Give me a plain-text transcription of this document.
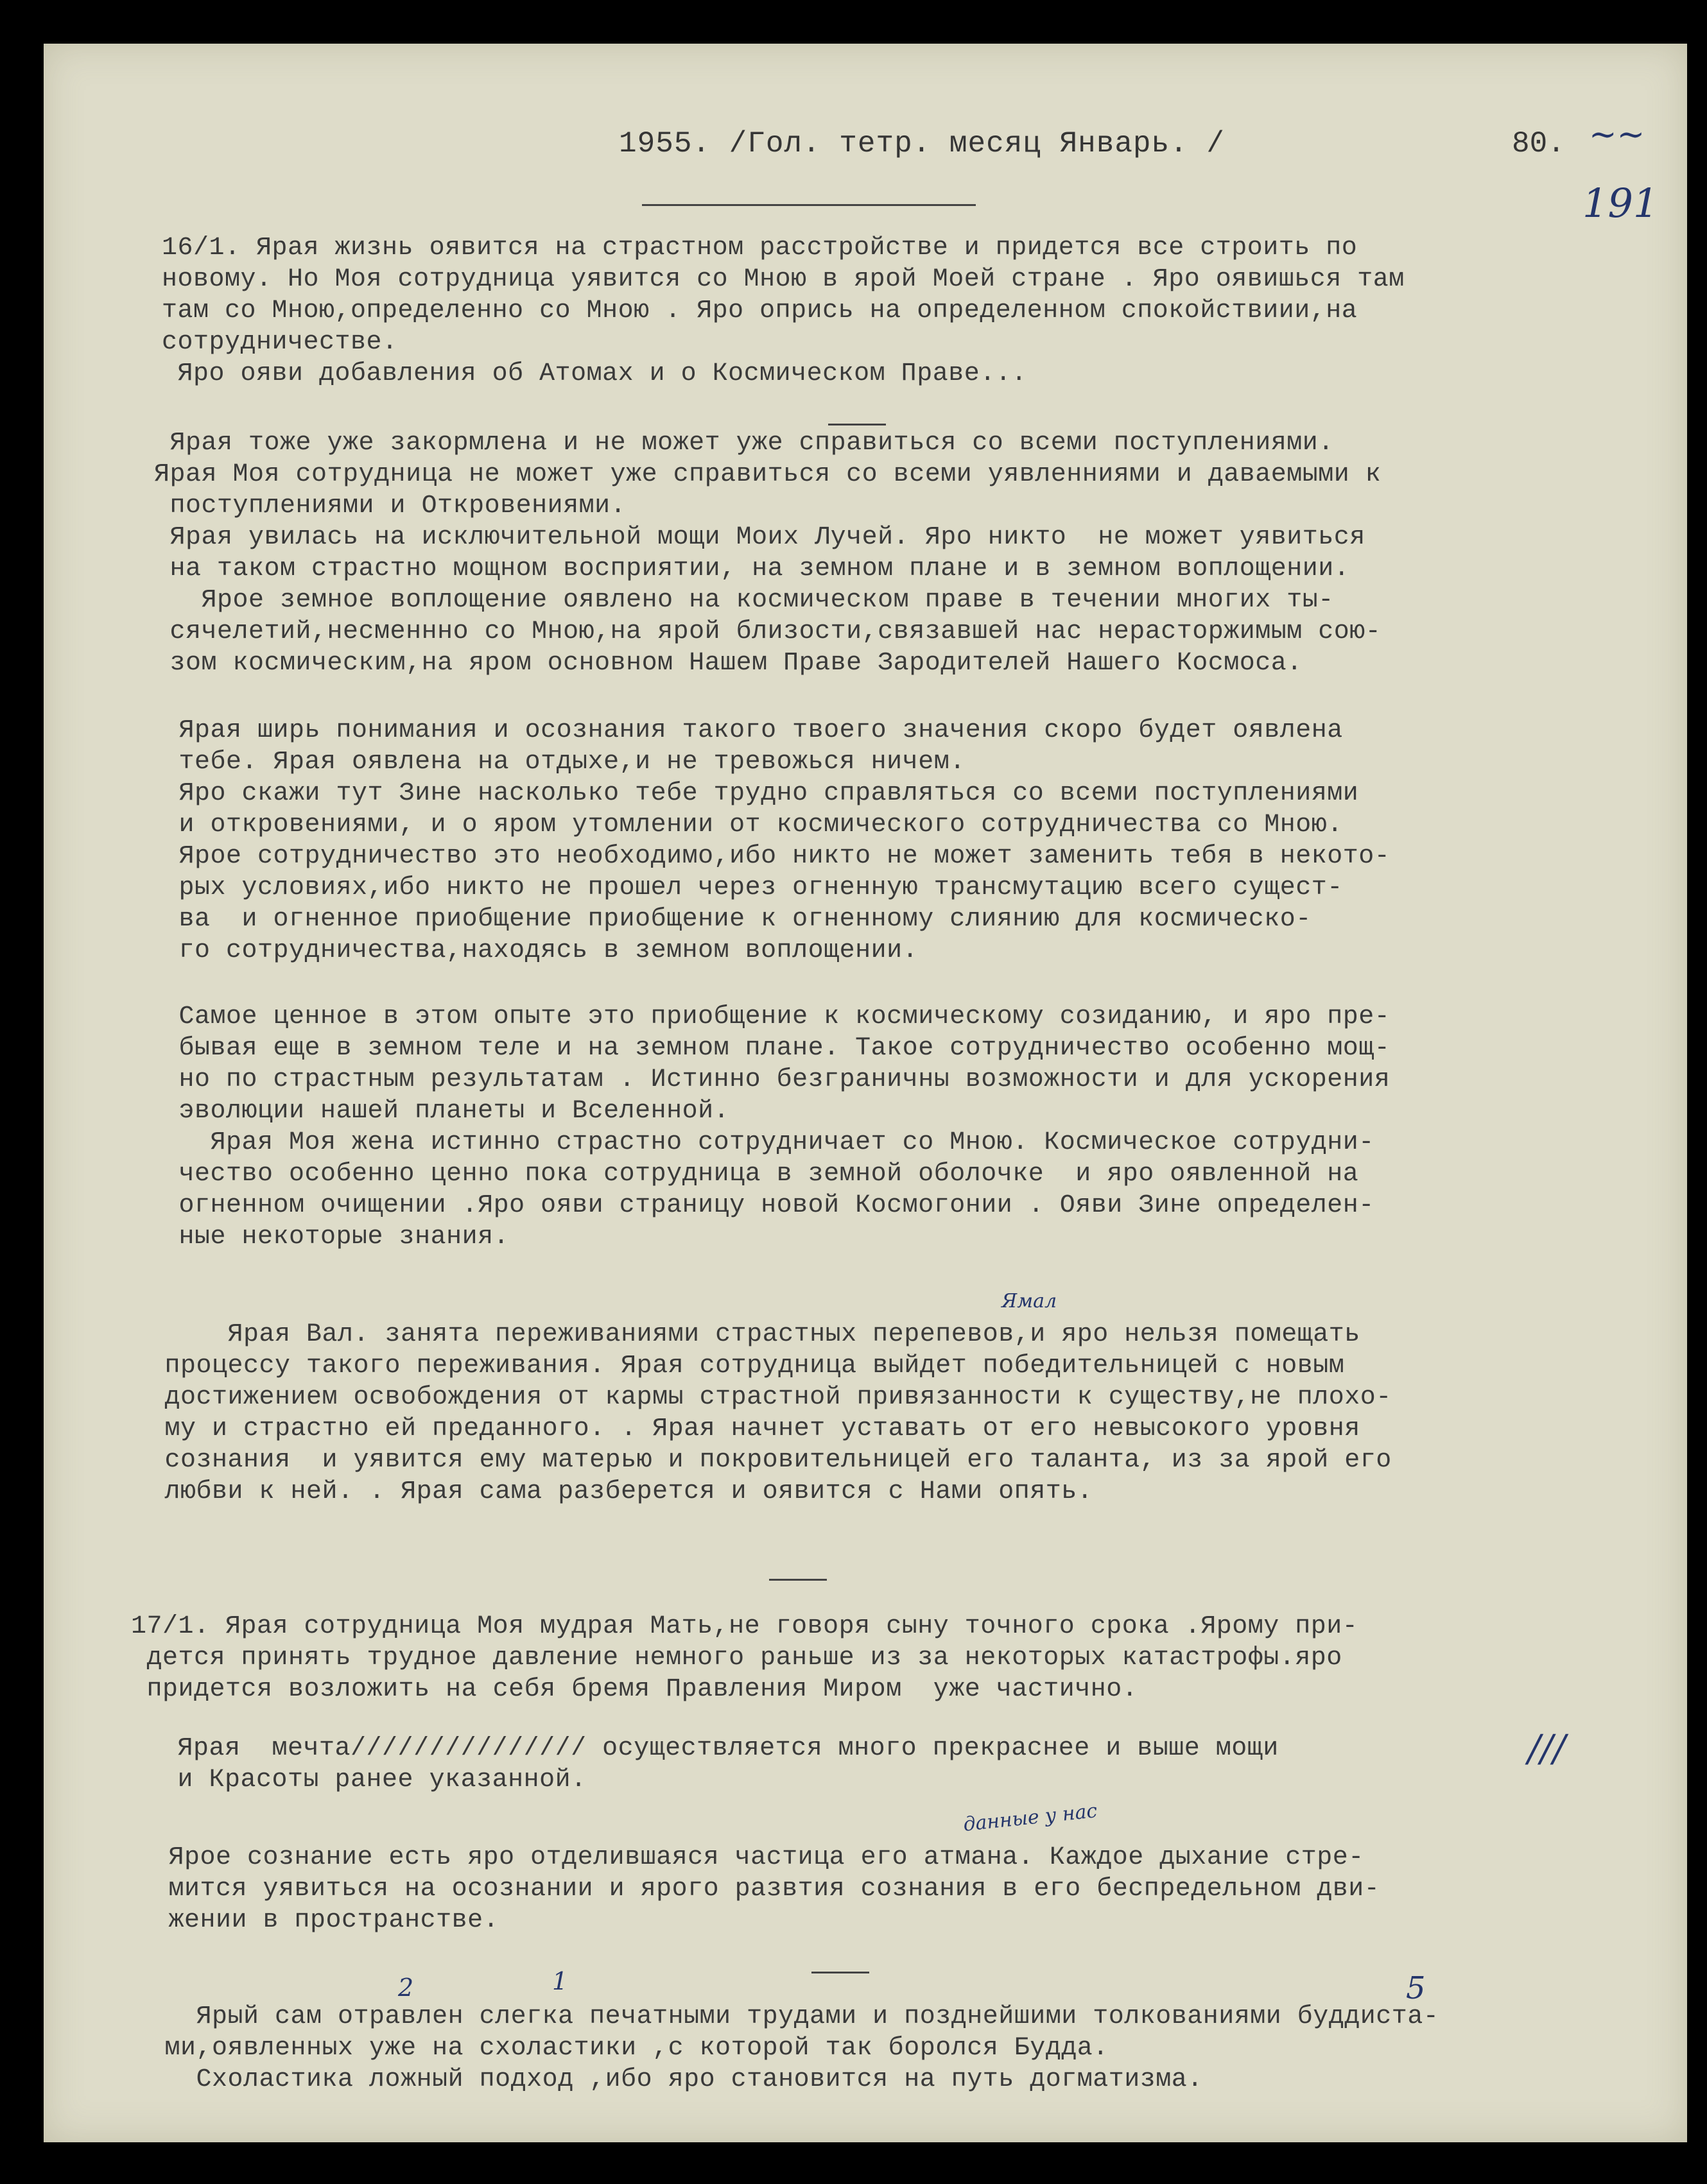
1955. /Гол. тетр. месяц Январь. /	80. ~~
191
16/1. Ярая жизнь оявится на страстном расстройстве и придется все строить по
новому. Но Моя сотрудница уявится со Мною в ярой Моей стране . Яро оявишься там
там со Мною,определенно со Мною . Яро опрись на определенном спокойствиии,на
сотрудничестве.
Яро ояви добавления об Атомах и о Космическом Праве...
Ярая тоже уже закормлена и не может уже справиться со всеми поступлениями.
Ярая Моя сотрудница не может уже справиться со всеми уявленниями и даваемыми к
поступлениями и Откровениями.
Ярая увилась на исключительной мощи Моих Лучей. Яро никто  не может уявиться
на таком страстно мощном восприятии, на земном плане и в земном воплощении.
Ярое земное воплощение оявлено на космическом праве в течении многих ты-
сячелетий,несменнно со Мною,на ярой близости,связавшей нас нерасторжимым сою-
зом космическим,на яром основном Нашем Праве Зародителей Нашего Космоса.
Ярая ширь понимания и осознания такого твоего значения скоро будет оявлена
тебе. Ярая оявлена на отдыхе,и не тревожься ничем.
Яро скажи тут Зине насколько тебе трудно справляться со всеми поступлениями
и откровениями, и о яром утомлении от космического сотрудничества со Мною.
Ярое сотрудничество это необходимо,ибо никто не может заменить тебя в некото-
рых условиях,ибо никто не прошел через огненную трансмутацию всего сущест-
ва  и огненное приобщение приобщение к огненному слиянию для космическо-
го сотрудничества,находясь в земном воплощении.
Самое ценное в этом опыте это приобщение к космическому созиданию, и яро пре-
бывая еще в земном теле и на земном плане. Такое сотрудничество особенно мощ-
но по страстным результатам . Истинно безграничны возможности и для ускорения
эволюции нашей планеты и Вселенной.
Ярая Моя жена истинно страстно сотрудничает со Мною. Космическое сотрудни-
чество особенно ценно пока сотрудница в земной оболочке  и яро оявленной на
огненном очищении .Яро ояви страницу новой Космогонии . Ояви Зине определен-
ные некоторые знания.
Ямал
Ярая Вал. занята переживаниями страстных перепевов,и яро нельзя помещать
процессу такого переживания. Ярая сотрудница выйдет победительницей с новым
достижением освобождения от кармы страстной привязанности к существу,не плохо-
му и страстно ей преданного. . Ярая начнет уставать от его невысокого уровня
сознания  и уявится ему матерью и покровительницей его таланта, из за ярой его
любви к ней. . Ярая сама разберется и оявится с Нами опять.
17/1. Ярая сотрудница Моя мудрая Мать,не говоря сыну точного срока .Ярому при-
дется принять трудное давление немного раньше из за некоторых катастрофы.яро
придется возложить на себя бремя Правления Миром  уже частично.
Ярая  мечта/////////////// осуществляется много прекраснее и выше мощи
и Красоты ранее указанной.
///
данные у нас
Ярое сознание есть яро отделившаяся частица его атмана. Каждое дыхание стре-
мится уявиться на осознании и ярого развтия сознания в его беспредельном дви-
жении в пространстве.
2	1	5
Ярый сам отравлен слегка печатными трудами и позднейшими толкованиями буддиста-
ми,оявленных уже на схоластики ,с которой так боролся Будда.
Схоластика ложный подход ,ибо яро становится на путь догматизма.
